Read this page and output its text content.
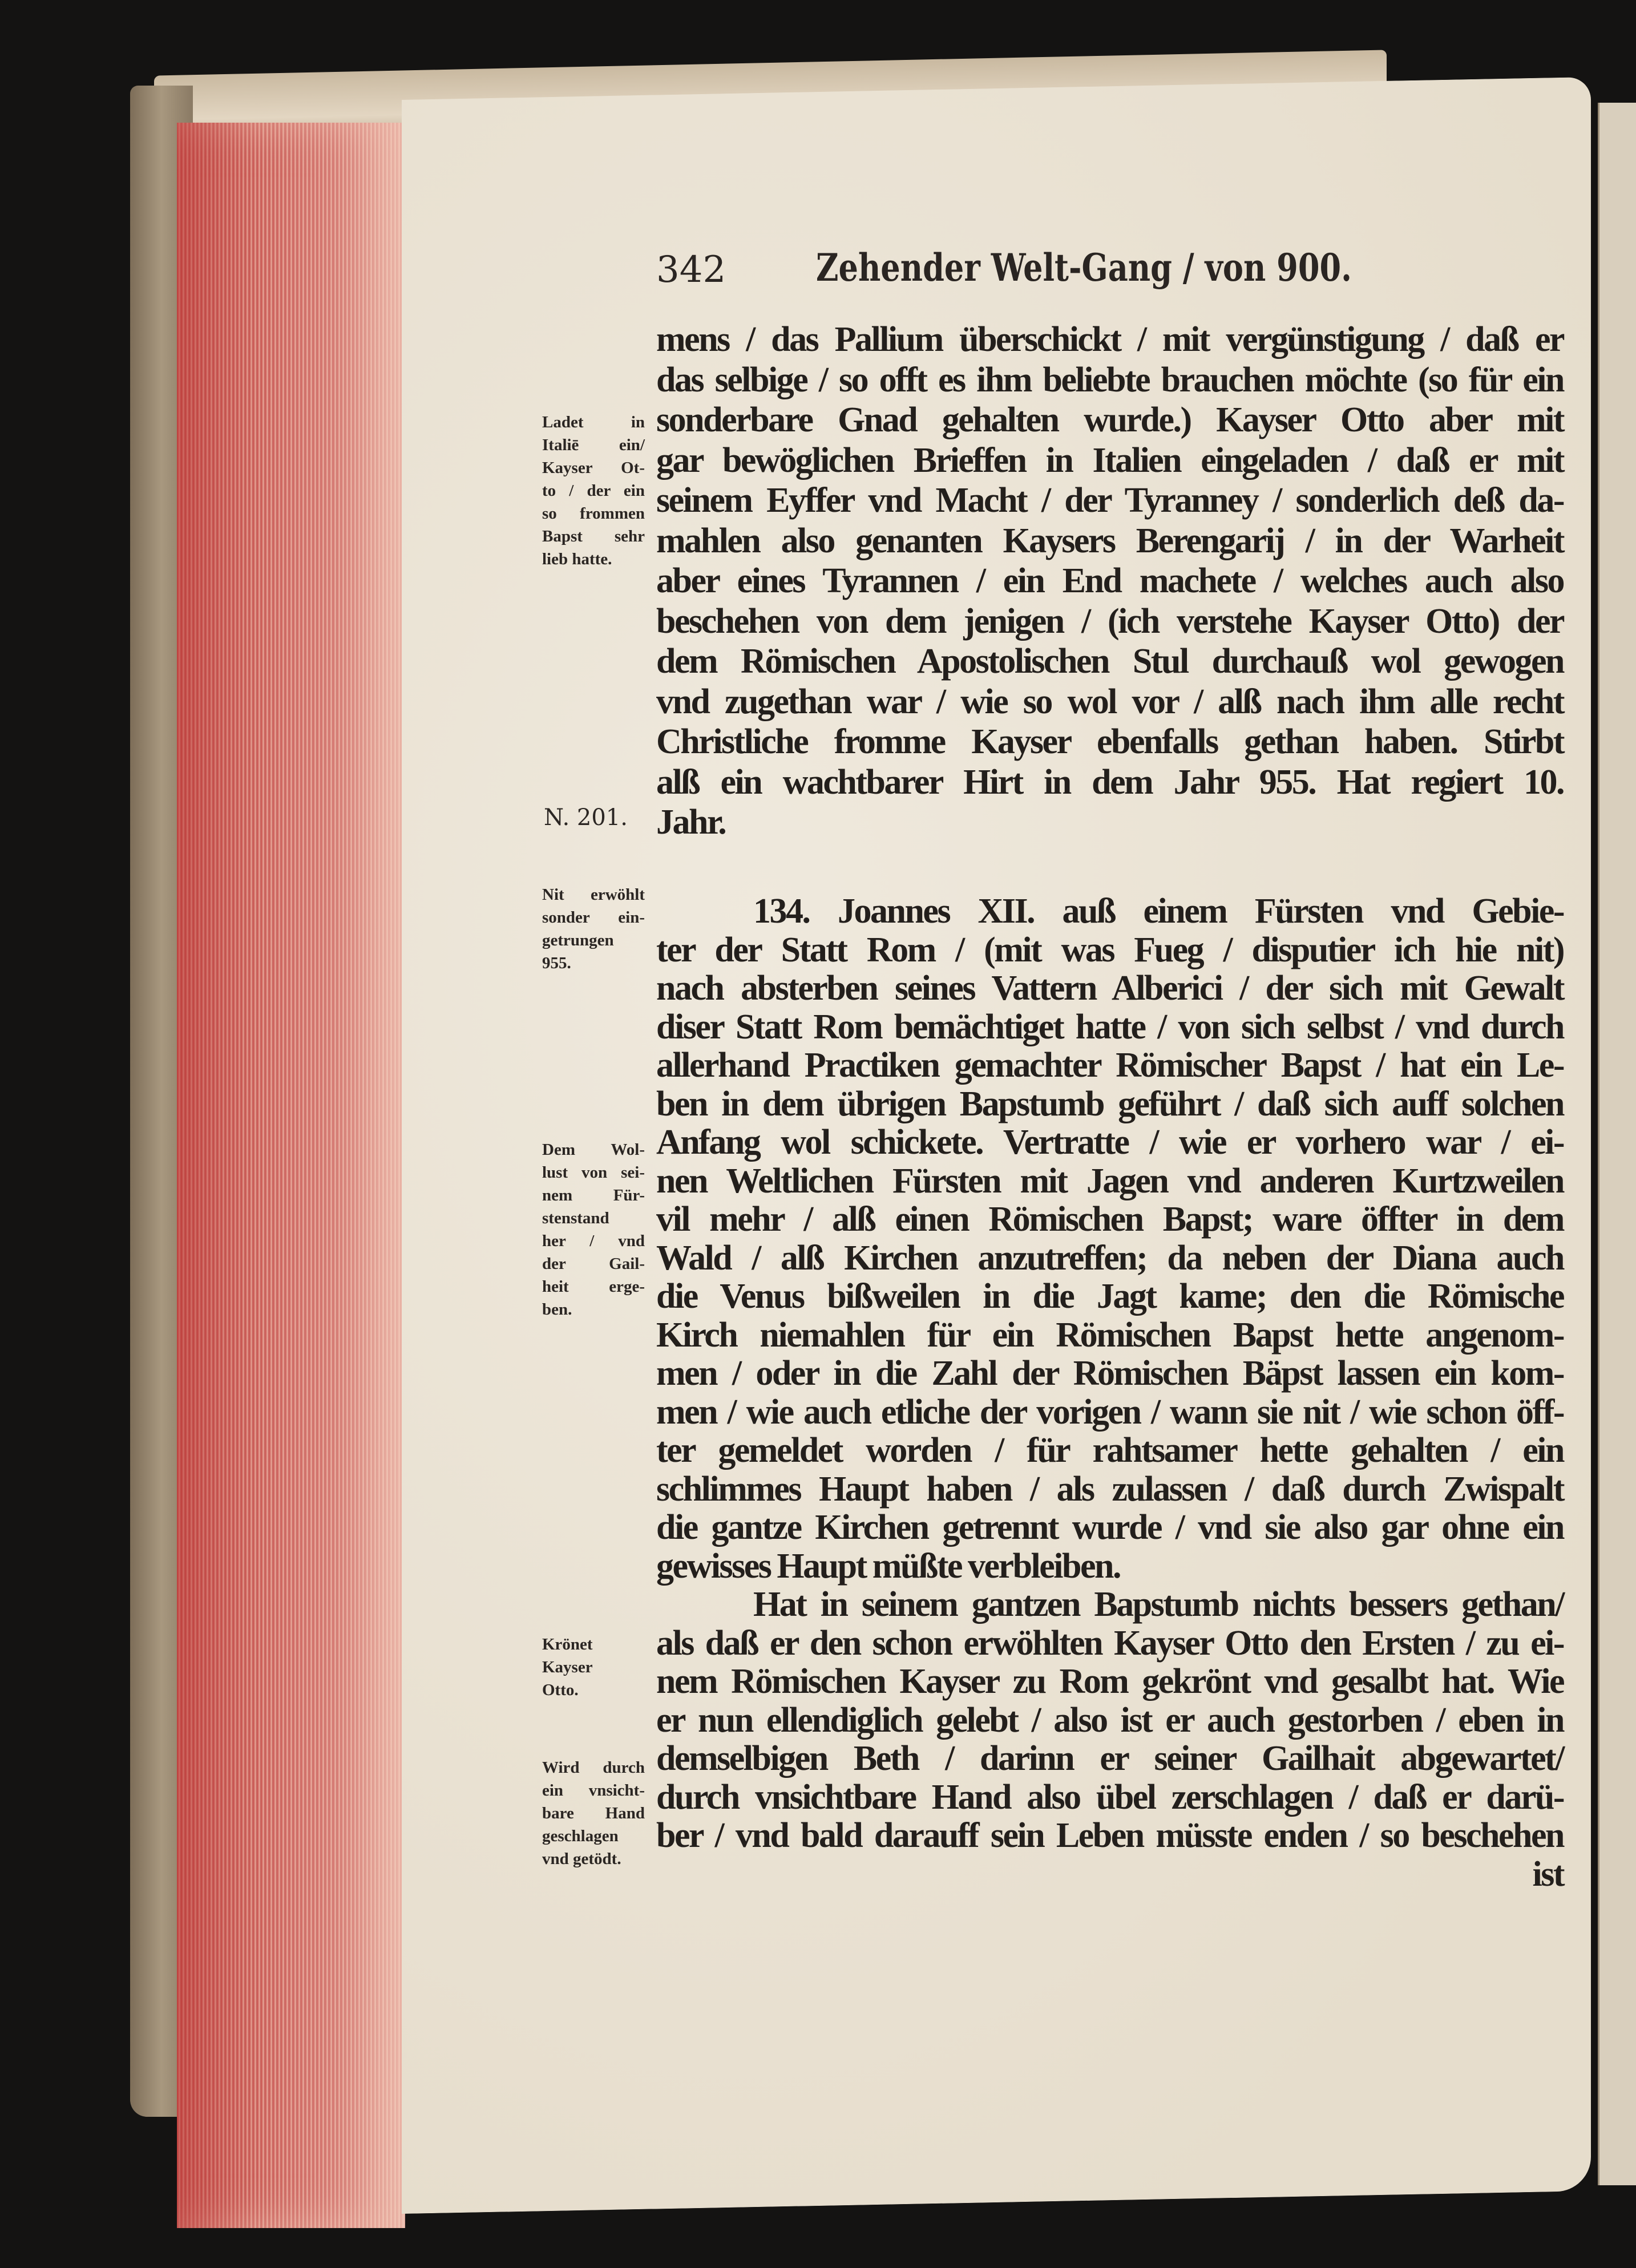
342 Zehender Welt-Gang / von 900.
N. 201.
mens / das Pallium überschickt / mit vergünstigung / daß er
das selbige / so offt es ihm beliebte brauchen möchte (so für ein
sonderbare Gnad gehalten wurde.) Kayser Otto aber mit
gar bewöglichen Brieffen in Italien eingeladen / daß er mit
seinem Eyffer vnd Macht / der Tyranney / sonderlich deß da-
mahlen also genanten Kaysers Berengarij / in der Warheit
aber eines Tyrannen / ein End machete / welches auch also
beschehen von dem jenigen / (ich verstehe Kayser Otto) der
dem Römischen Apostolischen Stul durchauß wol gewogen
vnd zugethan war / wie so wol vor / alß nach ihm alle recht
Christliche fromme Kayser ebenfalls gethan haben. Stirbt
alß ein wachtbarer Hirt in dem Jahr 955. Hat regiert 10.
Jahr.
134. Joannes XII. auß einem Fürsten vnd Gebie-
ter der Statt Rom / (mit was Fueg / disputier ich hie nit)
nach absterben seines Vattern Alberici / der sich mit Gewalt
diser Statt Rom bemächtiget hatte / von sich selbst / vnd durch
allerhand Practiken gemachter Römischer Bapst / hat ein Le-
ben in dem übrigen Bapstumb geführt / daß sich auff solchen
Anfang wol schickete. Vertratte / wie er vorhero war / ei-
nen Weltlichen Fürsten mit Jagen vnd anderen Kurtzweilen
vil mehr / alß einen Römischen Bapst; ware öffter in dem
Wald / alß Kirchen anzutreffen; da neben der Diana auch
die Venus bißweilen in die Jagt kame; den die Römische
Kirch niemahlen für ein Römischen Bapst hette angenom-
men / oder in die Zahl der Römischen Bäpst lassen ein kom-
men / wie auch etliche der vorigen / wann sie nit / wie schon öff-
ter gemeldet worden / für rahtsamer hette gehalten / ein
schlimmes Haupt haben / als zulassen / daß durch Zwispalt
die gantze Kirchen getrennt wurde / vnd sie also gar ohne ein
gewisses Haupt müßte verbleiben.
Hat in seinem gantzen Bapstumb nichts bessers gethan/
als daß er den schon erwöhlten Kayser Otto den Ersten / zu ei-
nem Römischen Kayser zu Rom gekrönt vnd gesalbt hat. Wie
er nun ellendiglich gelebt / also ist er auch gestorben / eben in
demselbigen Beth / darinn er seiner Gailhait abgewartet/
durch vnsichtbare Hand also übel zerschlagen / daß er darü-
ber / vnd bald darauff sein Leben müsste enden / so beschehen
ist
Ladet in
Italiē ein/
Kayser Ot-
to / der ein
so frommen
Bapst sehr
lieb hatte.
Nit erwöhlt
sonder ein-
getrungen
955.
Dem Wol-
lust von sei-
nem Für-
stenstand
her / vnd
der Gail-
heit erge-
ben.
Krönet
Kayser
Otto.
Wird durch
ein vnsicht-
bare Hand
geschlagen
vnd getödt.
